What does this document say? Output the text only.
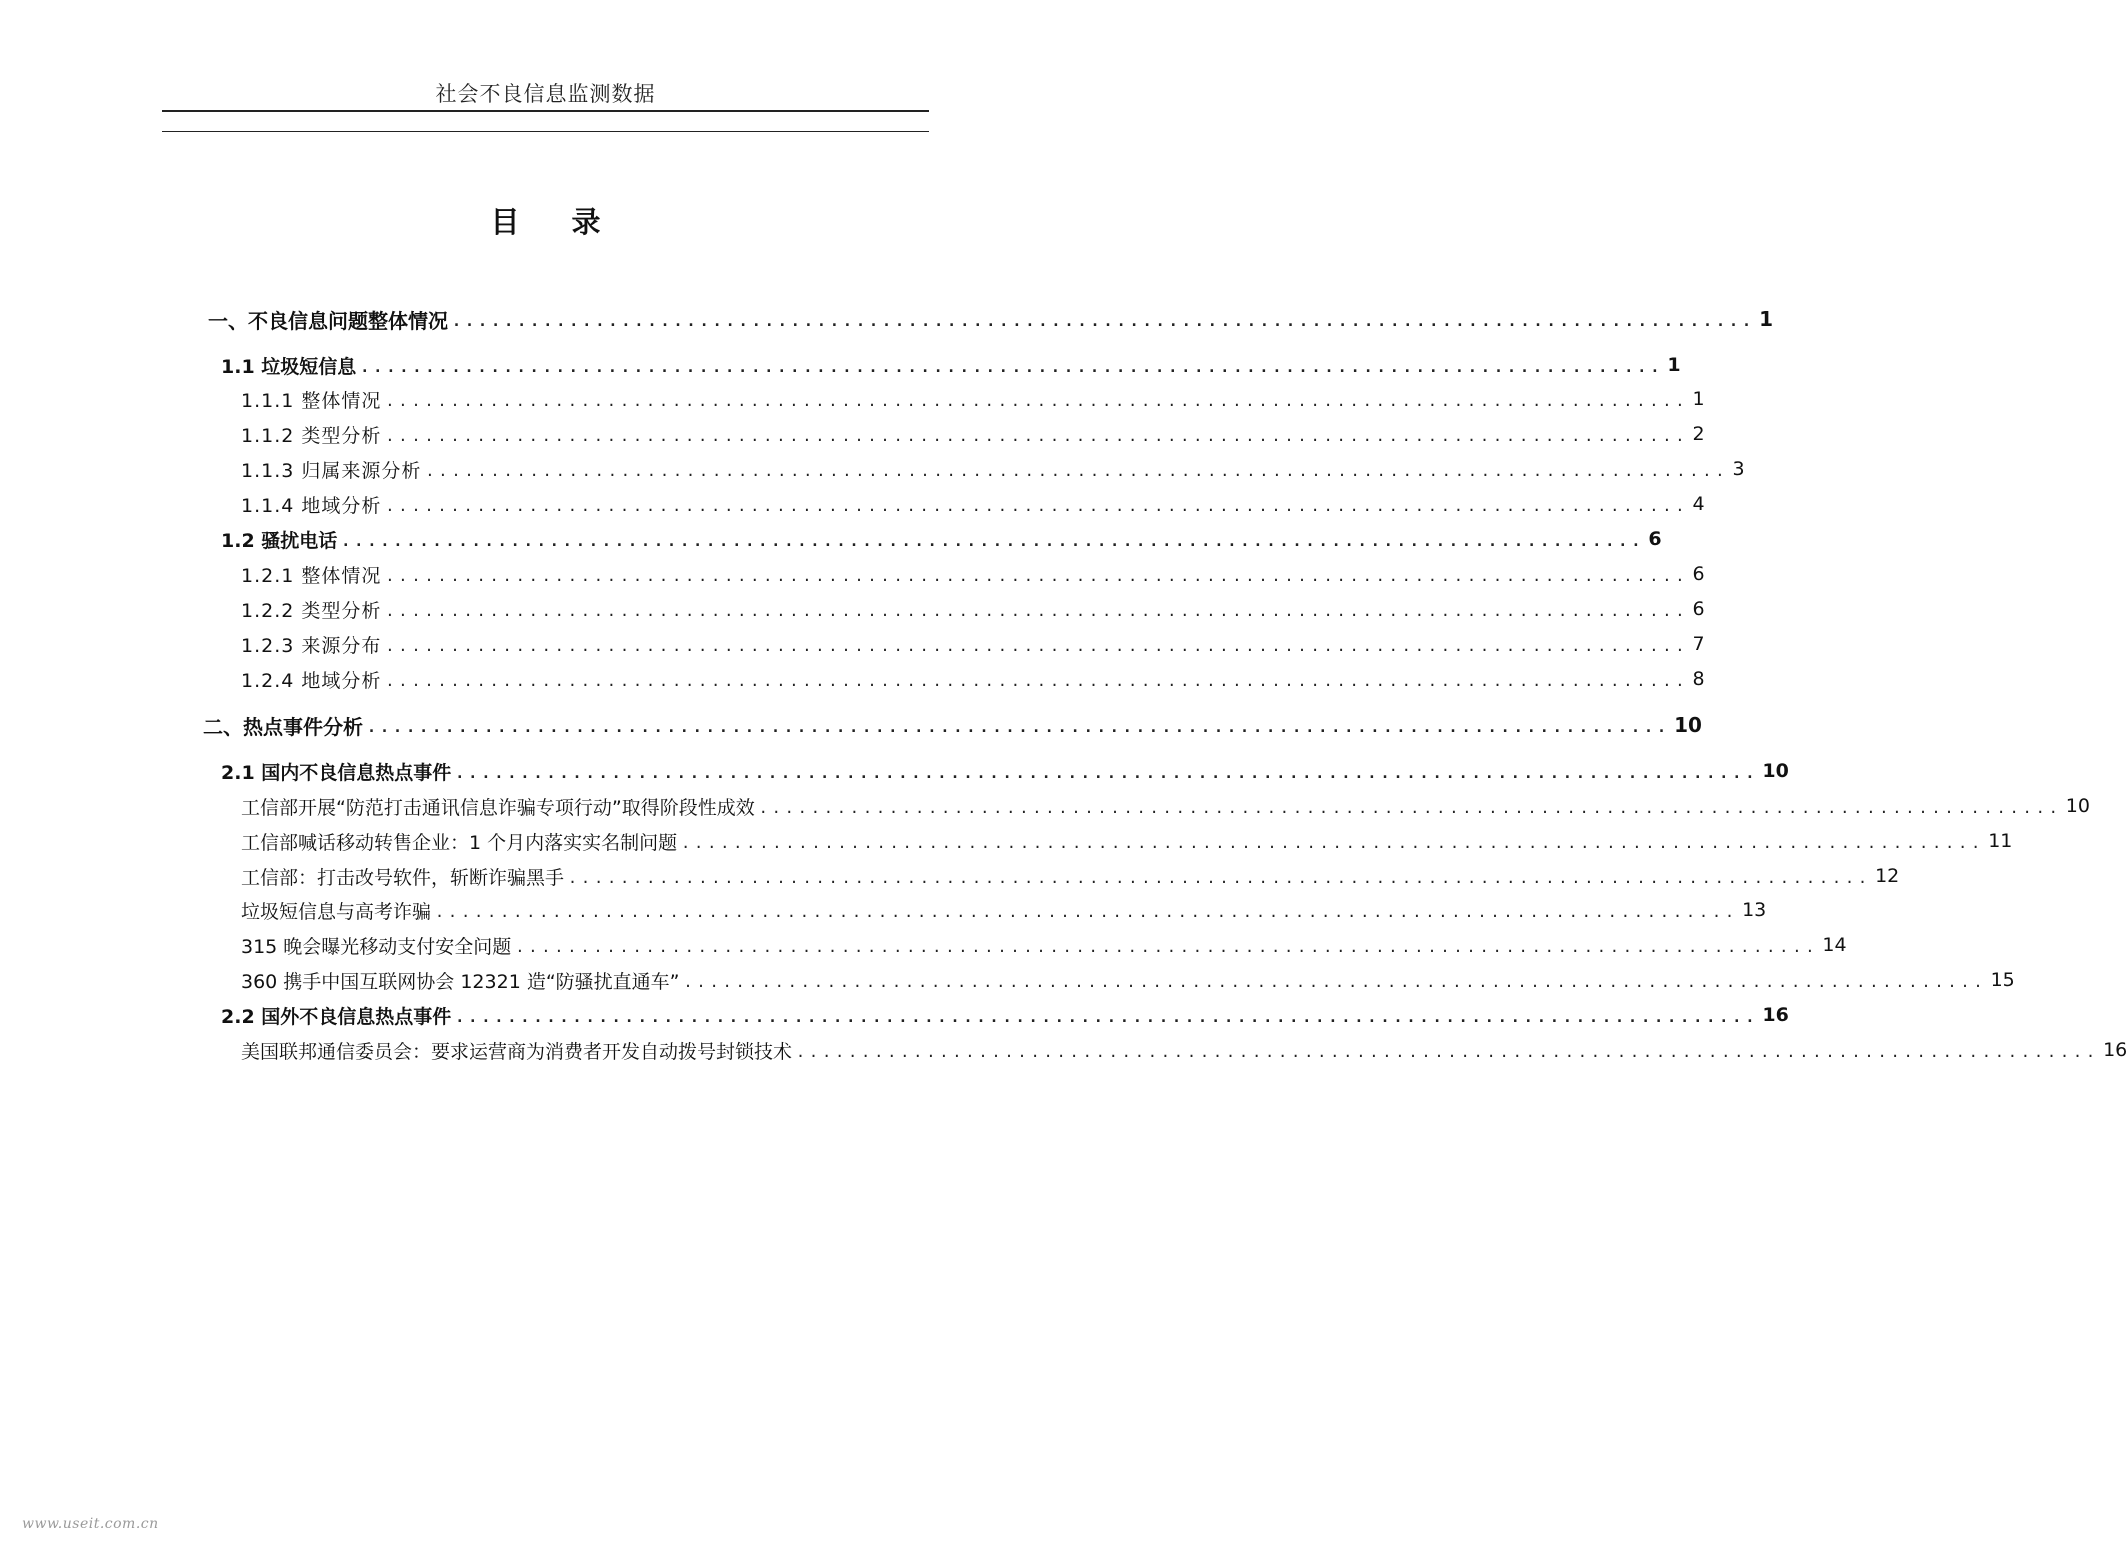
社会不良信息监测数据
目录
一、不良信息问题整体情况 .................................................................................................... 1
1.1 垃圾短信息 .................................................................................................... 1
1.1.1 整体情况 .................................................................................................... 1
1.1.2 类型分析 .................................................................................................... 2
1.1.3 归属来源分析 .................................................................................................... 3
1.1.4 地域分析 .................................................................................................... 4
1.2 骚扰电话 .................................................................................................... 6
1.2.1 整体情况 .................................................................................................... 6
1.2.2 类型分析 .................................................................................................... 6
1.2.3 来源分布 .................................................................................................... 7
1.2.4 地域分析 .................................................................................................... 8
二、热点事件分析 .................................................................................................... 10
2.1 国内不良信息热点事件 .................................................................................................... 10
工信部开展“防范打击通讯信息诈骗专项行动”取得阶段性成效 .................................................................................................... 10
工信部喊话移动转售企业：1 个月内落实实名制问题 .................................................................................................... 11
工信部：打击改号软件，斩断诈骗黑手 .................................................................................................... 12
垃圾短信息与高考诈骗 .................................................................................................... 13
315 晚会曝光移动支付安全问题 .................................................................................................... 14
360 携手中国互联网协会 12321 造“防骚扰直通车” .................................................................................................... 15
2.2 国外不良信息热点事件 .................................................................................................... 16
美国联邦通信委员会：要求运营商为消费者开发自动拨号封锁技术 .................................................................................................... 16
www.useit.com.cn
